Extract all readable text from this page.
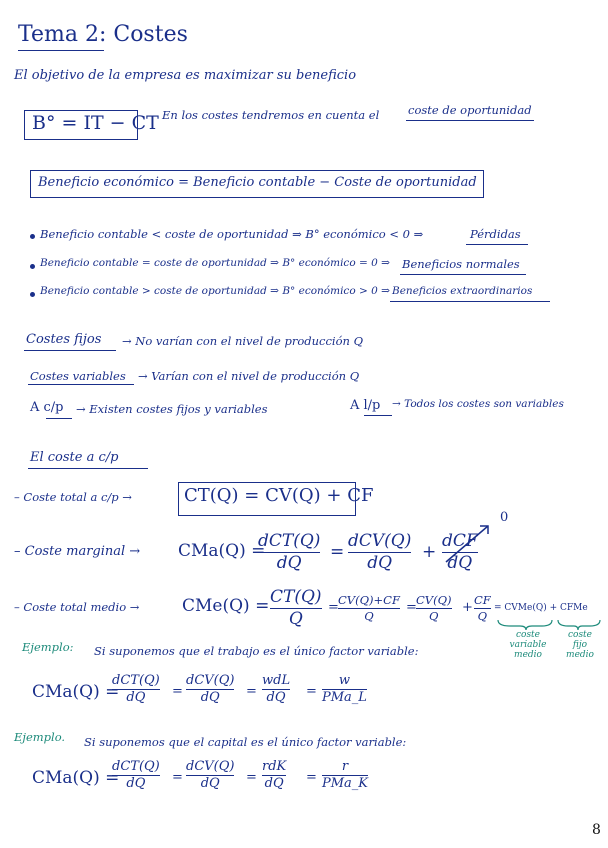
Tema 2: Costes
El objetivo de la empresa es maximizar su beneficio
B° = IT − CT En los costes tendremos en cuenta el coste de oportunidad
Beneficio económico = Beneficio contable − Coste de oportunidad
Beneficio contable < coste de oportunidad ⇒ B° económico < 0 ⇒	Pérdidas
Beneficio contable = coste de oportunidad ⇒ B° económico = 0 ⇒ Beneficios normales
Beneficio contable > coste de oportunidad ⇒ B° económico > 0 ⇒ Beneficios extraordinarios
Costes fijos → No varían con el nivel de producción Q
Costes variables → Varían con el nivel de producción Q
A c/p → Existen costes fijos y variables	A l/p → Todos los costes son variables
El coste a c/p
– Coste total a c/p →	CT(Q) = CV(Q) + CF
– Coste marginal → CMa(Q) =
dCT(Q)
dQ
=
dCV(Q)
dQ
+
dCF
dQ
0
– Coste total medio →	CMe(Q) = CT(Q)
Q
= CV(Q)+CF
Q
= CV(Q)
Q
+ CF
Q
= CVMe(Q) + CFMe
coste variable medio
coste fijo medio
Ejemplo: Si suponemos que el trabajo es el único factor variable:
CMa(Q) =
dCT(Q)
dQ =
dCV(Q)
dQ =
wdL
dQ =
w
PMa_L
Ejemplo. Si suponemos que el capital es el único factor variable:
CMa(Q) =
dCT(Q)
dQ =
dCV(Q)
dQ =
rdK
dQ =
r
PMa_K
8
